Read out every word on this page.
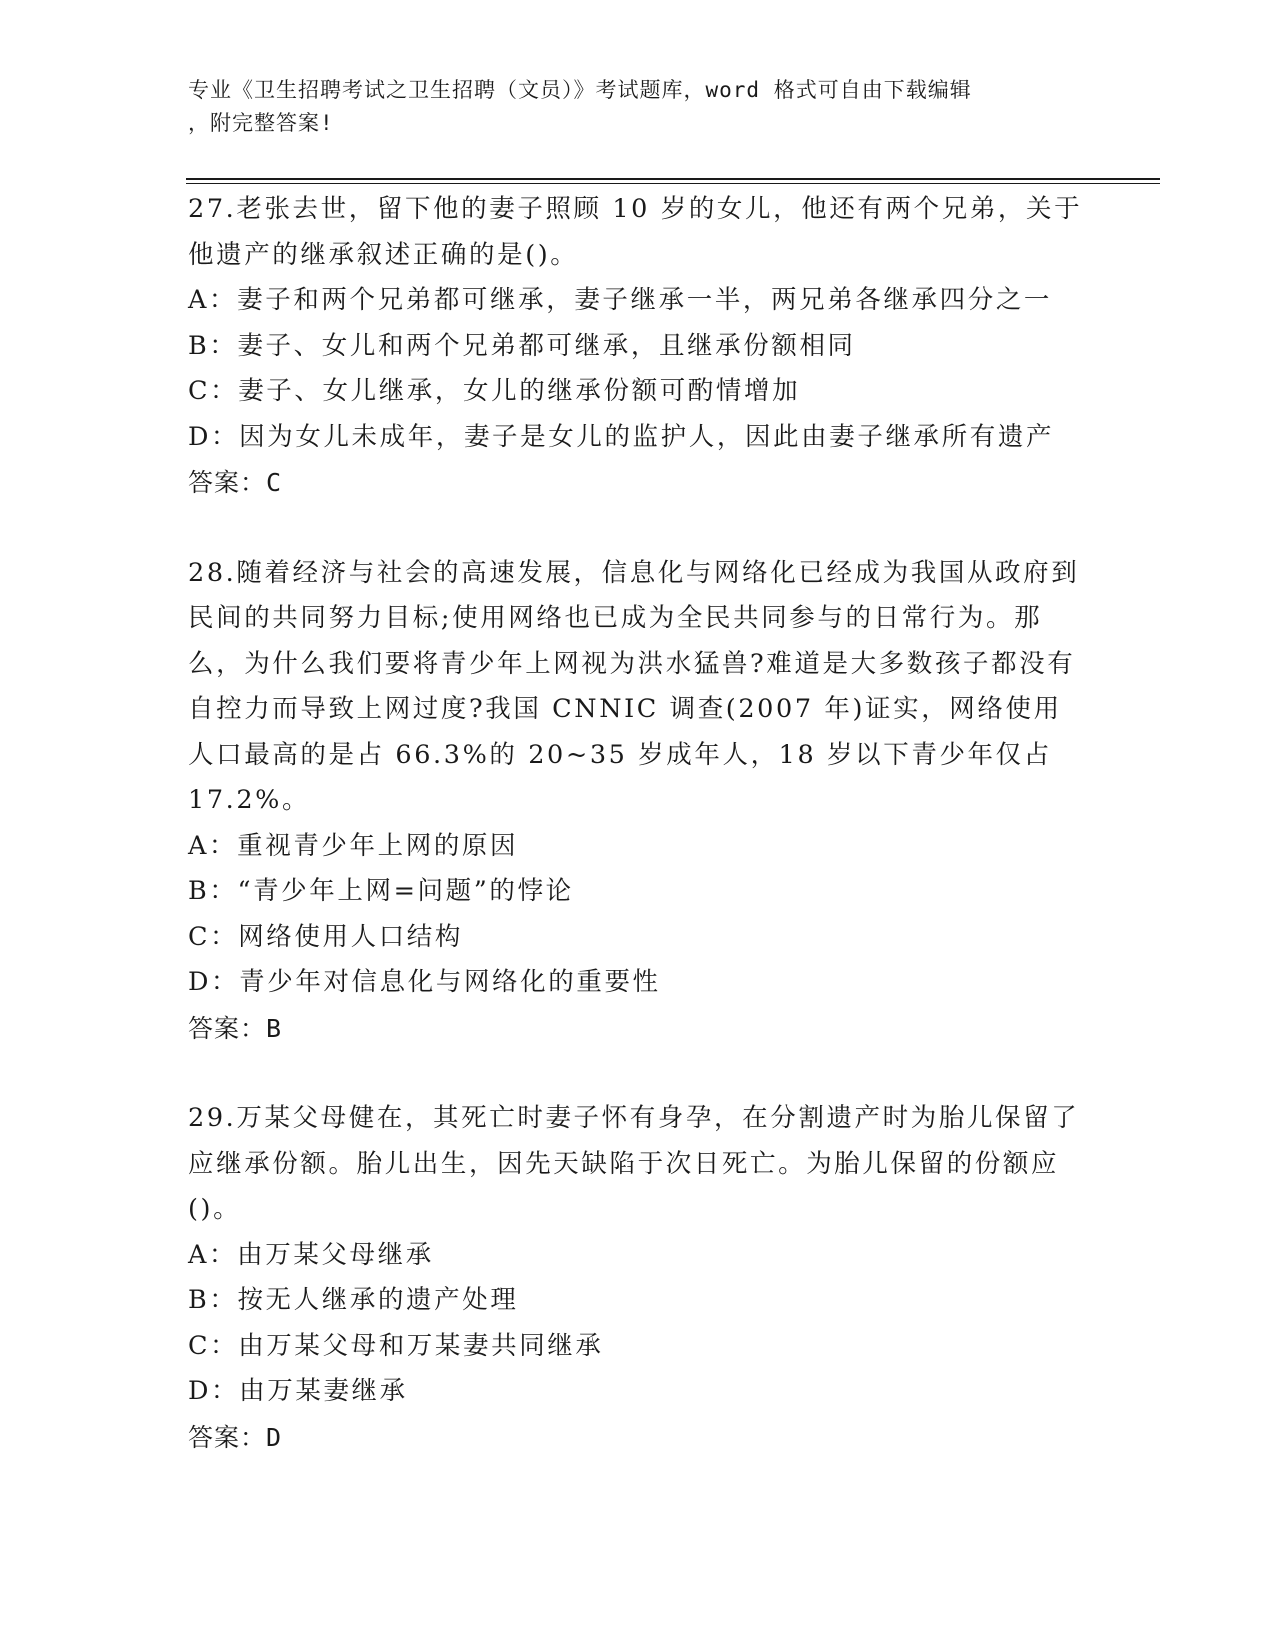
专业《卫生招聘考试之卫生招聘（文员）》考试题库，word 格式可自由下载编辑
，附完整答案!
27.老张去世，留下他的妻子照顾 10 岁的女儿，他还有两个兄弟，关于他遗产的继承叙述正确的是()。
A：妻子和两个兄弟都可继承，妻子继承一半，两兄弟各继承四分之一
B：妻子、女儿和两个兄弟都可继承，且继承份额相同
C：妻子、女儿继承，女儿的继承份额可酌情增加
D：因为女儿未成年，妻子是女儿的监护人，因此由妻子继承所有遗产
答案：C
28.随着经济与社会的高速发展，信息化与网络化已经成为我国从政府到民间的共同努力目标;使用网络也已成为全民共同参与的日常行为。那么，为什么我们要将青少年上网视为洪水猛兽?难道是大多数孩子都没有自控力而导致上网过度?我国 CNNIC 调查(2007 年)证实，网络使用人口最高的是占 66.3%的 20~35 岁成年人，18 岁以下青少年仅占 17.2%。
A：重视青少年上网的原因
B：“青少年上网=问题”的悖论
C：网络使用人口结构
D：青少年对信息化与网络化的重要性
答案：B
29.万某父母健在，其死亡时妻子怀有身孕，在分割遗产时为胎儿保留了应继承份额。胎儿出生，因先天缺陷于次日死亡。为胎儿保留的份额应()。
A：由万某父母继承
B：按无人继承的遗产处理
C：由万某父母和万某妻共同继承
D：由万某妻继承
答案：D
